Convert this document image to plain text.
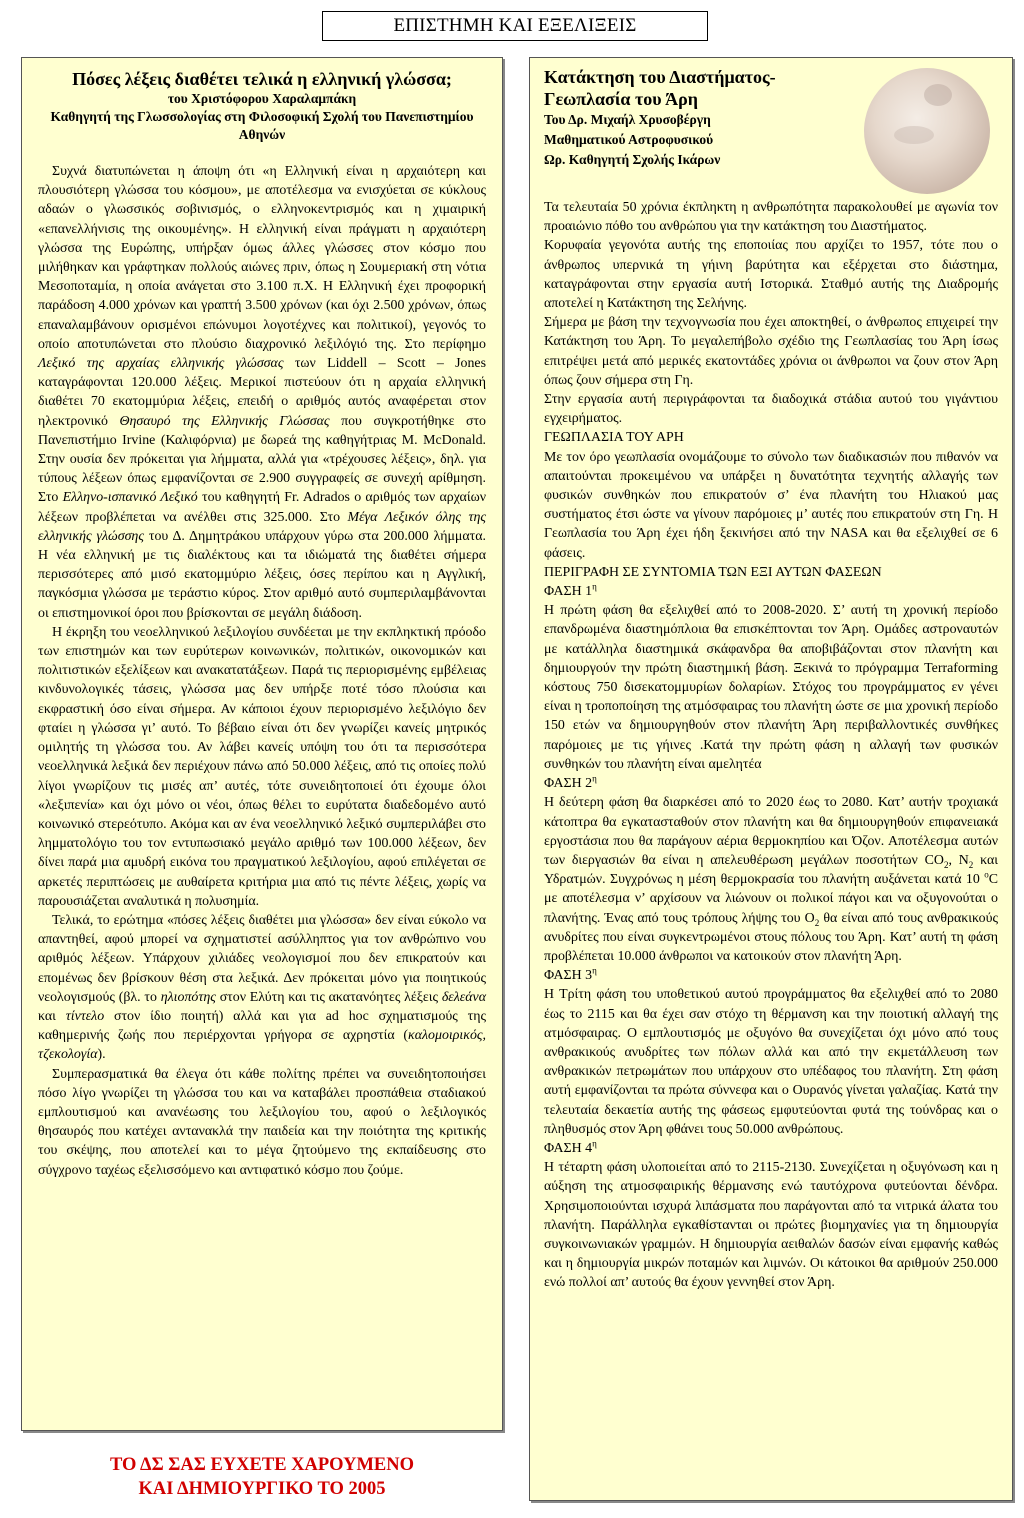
ΕΠΙΣΤΗΜΗ ΚΑΙ ΕΞΕΛΙΞΕΙΣ
Πόσες λέξεις διαθέτει τελικά η ελληνική γλώσσα;
του Χριστόφορου Χαραλαμπάκη
Καθηγητή της Γλωσσολογίας στη Φιλοσοφική Σχολή του Πανεπιστημίου Αθηνών

Συχνά διατυπώνεται η άποψη ότι «η Ελληνική είναι η αρχαιότερη και πλουσιότερη γλώσσα του κόσμου», με αποτέλεσμα να ενισχύεται σε κύκλους αδαών ο γλωσσικός σοβινισμός, ο ελληνοκεντρισμός και η χιμαιρική «επανελλήνισις της οικουμένης». Η ελληνική είναι πράγματι η αρχαιότερη γλώσσα της Ευρώπης, υπήρξαν όμως άλλες γλώσσες στον κόσμο που μιλήθηκαν και γράφτηκαν πολλούς αιώνες πριν, όπως η Σουμεριακή στη νότια Μεσοποταμία, η οποία ανάγεται στο 3.100 π.Χ. Η Ελληνική έχει προφορική παράδοση 4.000 χρόνων και γραπτή 3.500 χρόνων (και όχι 2.500 χρόνων, όπως επαναλαμβάνουν ορισμένοι επώνυμοι λογοτέχνες και πολιτικοί), γεγονός το οποίο αποτυπώνεται στο πλούσιο διαχρονικό λεξιλόγιό της. Στο περίφημο Λεξικό της αρχαίας ελληνικής γλώσσας των Liddell – Scott – Jones καταγράφονται 120.000 λέξεις. Μερικοί πιστεύουν ότι η αρχαία ελληνική διαθέτει 70 εκατομμύρια λέξεις, επειδή ο αριθμός αυτός αναφέρεται στον ηλεκτρονικό Θησαυρό της Ελληνικής Γλώσσας που συγκροτήθηκε στο Πανεπιστήμιο Irvine (Καλιφόρνια) με δωρεά της καθηγήτριας M. McDonald. Στην ουσία δεν πρόκειται για λήμματα, αλλά για «τρέχουσες λέξεις», δηλ. για τύπους λέξεων όπως εμφανίζονται σε 2.900 συγγραφείς σε συνεχή αρίθμηση. Στο Ελληνο-ισπανικό Λεξικό του καθηγητή Fr. Adrados ο αριθμός των αρχαίων λέξεων προβλέπεται να ανέλθει στις 325.000. Στο Μέγα Λεξικόν όλης της ελληνικής γλώσσης του Δ. Δημητράκου υπάρχουν γύρω στα 200.000 λήμματα. Η νέα ελληνική με τις διαλέκτους και τα ιδιώματά της διαθέτει σήμερα περισσότερες από μισό εκατομμύριο λέξεις, όσες περίπου και η Αγγλική, παγκόσμια γλώσσα με τεράστιο κύρος. Στον αριθμό αυτό συμπεριλαμβάνονται οι επιστημονικοί όροι που βρίσκονται σε μεγάλη διάδοση.

Η έκρηξη του νεοελληνικού λεξιλογίου συνδέεται με την εκπληκτική πρόοδο των επιστημών και των ευρύτερων κοινωνικών, πολιτικών, οικονομικών και πολιτιστικών εξελίξεων και ανακατατάξεων. Παρά τις περιορισμένης εμβέλειας κινδυνολογικές τάσεις, γλώσσα μας δεν υπήρξε ποτέ τόσο πλούσια και εκφραστική όσο είναι σήμερα. Αν κάποιοι έχουν περιορισμένο λεξιλόγιο δεν φταίει η γλώσσα γι’ αυτό. Το βέβαιο είναι ότι δεν γνωρίζει κανείς μητρικός ομιλητής τη γλώσσα του. Αν λάβει κανείς υπόψη του ότι τα περισσότερα νεοελληνικά λεξικά δεν περιέχουν πάνω από 50.000 λέξεις, από τις οποίες πολύ λίγοι γνωρίζουν τις μισές απ’ αυτές, τότε συνειδητοποιεί ότι έχουμε όλοι «λεξιπενία» και όχι μόνο οι νέοι, όπως θέλει το ευρύτατα διαδεδομένο αυτό κοινωνικό στερεότυπο. Ακόμα και αν ένα νεοελληνικό λεξικό συμπεριλάβει στο λημματολόγιο του τον εντυπωσιακό μεγάλο αριθμό των 100.000 λέξεων, δεν δίνει παρά μια αμυδρή εικόνα του πραγματικού λεξιλογίου, αφού επιλέγεται σε αρκετές περιπτώσεις με αυθαίρετα κριτήρια μια από τις πέντε λέξεις, χωρίς να παρουσιάζεται αναλυτικά η πολυσημία.

Τελικά, το ερώτημα «πόσες λέξεις διαθέτει μια γλώσσα» δεν είναι εύκολο να απαντηθεί, αφού μπορεί να σχηματιστεί ασύλληπτος για τον ανθρώπινο νου αριθμός λέξεων. Υπάρχουν χιλιάδες νεολογισμοί που δεν επικρατούν και επομένως δεν βρίσκουν θέση στα λεξικά. Δεν πρόκειται μόνο για ποιητικούς νεολογισμούς (βλ. το ηλιοπότης στον Ελύτη και τις ακατανόητες λέξεις δελεάνα και τίντελο στον ίδιο ποιητή) αλλά και για ad hoc σχηματισμούς της καθημερινής ζωής που περιέρχονται γρήγορα σε αχρηστία (καλομοιρικός, τζεκολογία).

Συμπερασματικά θα έλεγα ότι κάθε πολίτης πρέπει να συνειδητοποιήσει πόσο λίγο γνωρίζει τη γλώσσα του και να καταβάλει προσπάθεια σταδιακού εμπλουτισμού και ανανέωσης του λεξιλογίου του, αφού ο λεξιλογικός θησαυρός που κατέχει αντανακλά την παιδεία και την ποιότητα της κριτικής του σκέψης, που αποτελεί και το μέγα ζητούμενο της εκπαίδευσης στο σύγχρονο ταχέως εξελισσόμενο και αντιφατικό κόσμο που ζούμε.

Κατάκτηση του Διαστήματος- Γεωπλασία του Άρη
Του Δρ. Μιχαήλ Χρυσοβέργη
Μαθηματικού Αστροφυσικού
Ωρ. Καθηγητή Σχολής Ικάρων

Τα τελευταία 50 χρόνια έκπληκτη η ανθρωπότητα παρακολουθεί με αγωνία τον προαιώνιο πόθο του ανθρώπου για την κατάκτηση του Διαστήματος.

Κορυφαία γεγονότα αυτής της εποποιίας που αρχίζει το 1957, τότε που ο άνθρωπος υπερνικά τη γήινη βαρύτητα και εξέρχεται στο διάστημα, καταγράφονται στην εργασία αυτή Ιστορικά. Σταθμό αυτής της Διαδρομής αποτελεί η Κατάκτηση της Σελήνης.

Σήμερα με βάση την τεχνογνωσία που έχει αποκτηθεί, ο άνθρωπος επιχειρεί την Κατάκτηση του Άρη. Το μεγαλεπήβολο σχέδιο της Γεωπλασίας του Άρη ίσως επιτρέψει μετά από μερικές εκατοντάδες χρόνια οι άνθρωποι να ζουν στον Άρη όπως ζουν σήμερα στη Γη.

Στην εργασία αυτή περιγράφονται τα διαδοχικά στάδια αυτού του γιγάντιου εγχειρήματος.

ΓΕΩΠΛΑΣΙΑ ΤΟΥ ΑΡΗ

Με τον όρο γεωπλασία ονομάζουμε το σύνολο των διαδικασιών που πιθανόν να απαιτούνται προκειμένου να υπάρξει η δυνατότητα τεχνητής αλλαγής των φυσικών συνθηκών που επικρατούν σ’ ένα πλανήτη του Ηλιακού μας συστήματος έτσι ώστε να γίνουν παρόμοιες μ’ αυτές που επικρατούν στη Γη. Η Γεωπλασία του Άρη έχει ήδη ξεκινήσει από την NASA και θα εξελιχθεί σε 6 φάσεις.

ΠΕΡΙΓΡΑΦΗ ΣΕ ΣΥΝΤΟΜΙΑ ΤΩΝ ΕΞΙ ΑΥΤΩΝ ΦΑΣΕΩΝ

ΦΑΣΗ $1^\eta$

Η πρώτη φάση θα εξελιχθεί από το 2008-2020. Σ’ αυτή τη χρονική περίοδο επανδρωμένα διαστημόπλοια θα επισκέπτονται τον Άρη. Ομάδες αστροναυτών με κατάλληλα διαστημικά σκάφανδρα θα αποβιβάζονται στον πλανήτη και δημιουργούν την πρώτη διαστημική βάση. Ξεκινά το πρόγραμμα Terraforming κόστους 750 δισεκατομμυρίων δολαρίων. Στόχος του προγράμματος εν γένει είναι η τροποποίηση της ατμόσφαιρας του πλανήτη ώστε σε μια χρονική περίοδο 150 ετών να δημιουργηθούν στον πλανήτη Άρη περιβαλλοντικές συνθήκες παρόμοιες με τις γήινες .Κατά την πρώτη φάση η αλλαγή των φυσικών συνθηκών του πλανήτη είναι αμελητέα

ΦΑΣΗ $2^\eta$

Η δεύτερη φάση θα διαρκέσει από το 2020 έως το 2080. Κατ’ αυτήν τροχιακά κάτοπτρα θα εγκατασταθούν στον πλανήτη και θα δημιουργηθούν επιφανειακά εργοστάσια που θα παράγουν αέρια θερμοκηπίου και Όζον. Αποτέλεσμα αυτών των διεργασιών θα είναι η απελευθέρωση μεγάλων ποσοτήτων $CO_2$, $N_2$ και Υδρατμών. Συγχρόνως η μέση θερμοκρασία του πλανήτη αυξάνεται κατά 10 $^o$C με αποτέλεσμα ν’ αρχίσουν να λιώνουν οι πολικοί πάγοι και να οξυγονούται ο πλανήτης. Ένας από τους τρόπους λήψης του $O_2$ θα είναι από τους ανθρακικούς ανυδρίτες που είναι συγκεντρωμένοι στους πόλους του Άρη. Κατ’ αυτή τη φάση προβλέπεται 10.000 άνθρωποι να κατοικούν στον πλανήτη Άρη.

ΦΑΣΗ $3^\eta$

Η Τρίτη φάση του υποθετικού αυτού προγράμματος θα εξελιχθεί από το 2080 έως το 2115 και θα έχει σαν στόχο τη θέρμανση και την ποιοτική αλλαγή της ατμόσφαιρας. Ο εμπλουτισμός με οξυγόνο θα συνεχίζεται όχι μόνο από τους ανθρακικούς ανυδρίτες των πόλων αλλά και από την εκμετάλλευση των ανθρακικών πετρωμάτων που υπάρχουν στο υπέδαφος του πλανήτη. Στη φάση αυτή εμφανίζονται τα πρώτα σύννεφα και ο Ουρανός γίνεται γαλαζίας. Κατά την τελευταία δεκαετία αυτής της φάσεως εμφυτεύονται φυτά της τούνδρας και ο πληθυσμός στον Άρη φθάνει τους 50.000 ανθρώπους.

ΦΑΣΗ $4^\eta$

Η τέταρτη φάση υλοποιείται από το 2115-2130. Συνεχίζεται η οξυγόνωση και η αύξηση της ατμοσφαιρικής θέρμανσης ενώ ταυτόχρονα φυτεύονται δένδρα. Χρησιμοποιούνται ισχυρά λιπάσματα που παράγονται από τα νιτρικά άλατα του πλανήτη. Παράλληλα εγκαθίστανται οι πρώτες βιομηχανίες για τη δημιουργία συγκοινωνιακών γραμμών. Η δημιουργία αειθαλών δασών είναι εμφανής καθώς και η δημιουργία μικρών ποταμών και λιμνών. Οι κάτοικοι θα αριθμούν 250.000 ενώ πολλοί απ’ αυτούς θα έχουν γεννηθεί στον Άρη.

ΤΟ ΔΣ ΣΑΣ ΕΥΧΕΤΕ ΧΑΡΟΥΜΕΝΟ
ΚΑΙ ΔΗΜΙΟΥΡΓΙΚΟ ΤΟ 2005
